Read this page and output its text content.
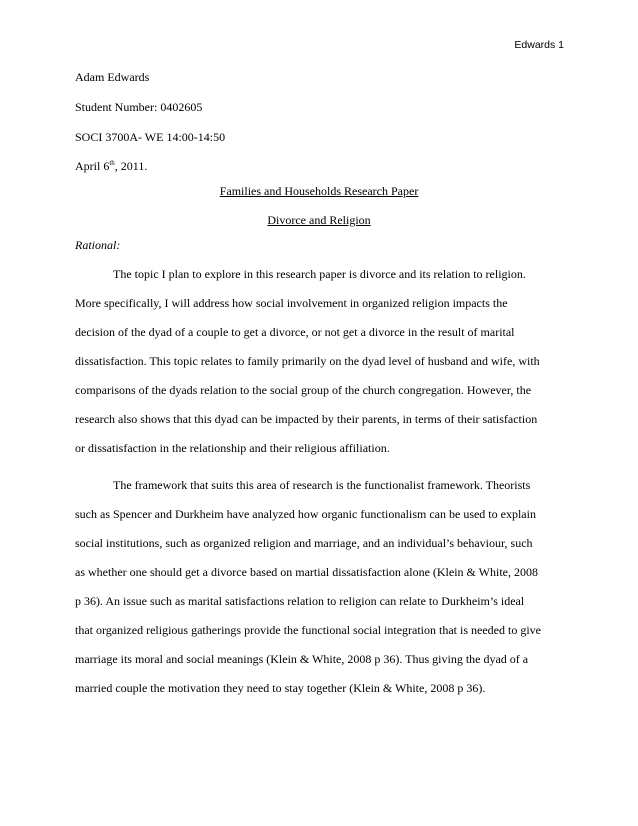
Edwards 1
Adam Edwards
Student Number: 0402605
SOCI 3700A- WE 14:00-14:50
April 6th, 2011.
Families and Households Research Paper
Divorce and Religion
Rational:
The topic I plan to explore in this research paper is divorce and its relation to religion.
More specifically, I will address how social involvement in organized religion impacts the
decision of the dyad of a couple to get a divorce, or not get a divorce in the result of marital
dissatisfaction. This topic relates to family primarily on the dyad level of husband and wife, with
comparisons of the dyads relation to the social group of the church congregation. However, the
research also shows that this dyad can be impacted by their parents, in terms of their satisfaction
or dissatisfaction in the relationship and their religious affiliation.
The framework that suits this area of research is the functionalist framework. Theorists
such as Spencer and Durkheim have analyzed how organic functionalism can be used to explain
social institutions, such as organized religion and marriage, and an individual’s behaviour, such
as whether one should get a divorce based on martial dissatisfaction alone (Klein & White, 2008
p 36). An issue such as marital satisfactions relation to religion can relate to Durkheim’s ideal
that organized religious gatherings provide the functional social integration that is needed to give
marriage its moral and social meanings (Klein & White, 2008 p 36). Thus giving the dyad of a
married couple the motivation they need to stay together (Klein & White, 2008 p 36).
